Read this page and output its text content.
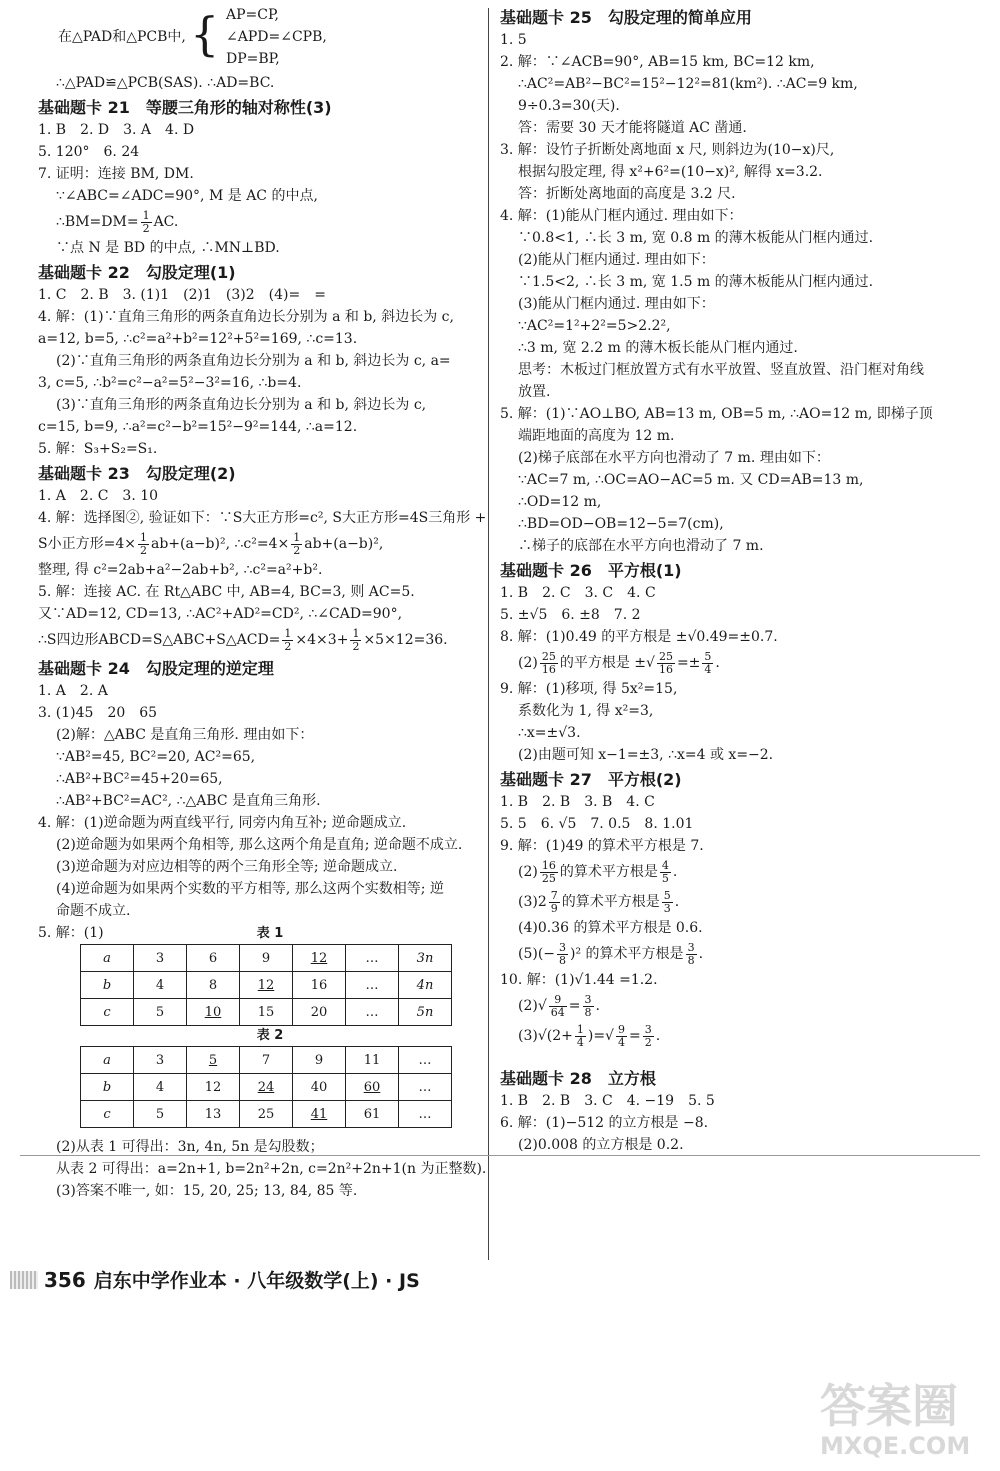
在△PAD和△PCB中, { AP=CP,
∠APD=∠CPB,
DP=BP,
∴△PAD≌△PCB(SAS). ∴AD=BC.
基础题卡 21　等腰三角形的轴对称性(3)
1. B　2. D　3. A　4. D
5. 120°　6. 24
7. 证明：连接 BM, DM.
∵∠ABC=∠ADC=90°, M 是 AC 的中点,
∴BM=DM= $\frac{1}{2}$ AC.
∵点 N 是 BD 的中点, ∴MN⊥BD.
基础题卡 22　勾股定理(1)
1. C　2. B　3. (1)1　(2)1　(3)2　(4)=　=
4. 解：(1)∵直角三角形的两条直角边长分别为 a 和 b, 斜边长为 c,
a=12, b=5, ∴c²=a²+b²=12²+5²=169, ∴c=13.
(2)∵直角三角形的两条直角边长分别为 a 和 b, 斜边长为 c, a=
3, c=5, ∴b²=c²−a²=5²−3²=16, ∴b=4.
(3)∵直角三角形的两条直角边长分别为 a 和 b, 斜边长为 c,
c=15, b=9, ∴a²=c²−b²=15²−9²=144, ∴a=12.
5. 解：S₃+S₂=S₁.
基础题卡 23　勾股定理(2)
1. A　2. C　3. 10
4. 解：选择图②, 验证如下：∵S大正方形=c², S大正方形=4S三角形 +
S小正方形$=4\times \frac{1}{2} ab+(a-b)^2$, ∴c²=4× $\frac{1}{2} ab+(a-b)^2$,
整理, 得 c²=2ab+a²−2ab+b², ∴c²=a²+b².
5. 解：连接 AC. 在 Rt△ABC 中, AB=4, BC=3, 则 AC=5.
又∵AD=12, CD=13, ∴AC²+AD²=CD², ∴∠CAD=90°,
∴S四边形ABCD=S△ABC+S△ACD= $\frac{1}{2} \times 4\times 3+ \frac{1}{2} \times 5\times 12=36$.
基础题卡 24　勾股定理的逆定理
1. A　2. A
3. (1)45　20　65
(2)解：△ABC 是直角三角形. 理由如下：
∵AB²=45, BC²=20, AC²=65,
∴AB²+BC²=45+20=65,
∴AB²+BC²=AC², ∴△ABC 是直角三角形.
4. 解：(1)逆命题为两直线平行, 同旁内角互补; 逆命题成立.
(2)逆命题为如果两个角相等, 那么这两个角是直角; 逆命题不成立.
(3)逆命题为对应边相等的两个三角形全等; 逆命题成立.
(4)逆命题为如果两个实数的平方相等, 那么这两个实数相等; 逆
命题不成立.
5. 解：(1)	表 1
a	3	6	9	12	…	3n
b	4	8	12	16	…	4n
c	5	10	15	20	…	5n
表 2
a	3	5	7	9	11	…
b	4	12	24	40	60	…
c	5	13	25	41	61	…
(2)从表 1 可得出：3n, 4n, 5n 是勾股数；
从表 2 可得出：a=2n+1, b=2n²+2n, c=2n²+2n+1(n 为正整数).
(3)答案不唯一, 如：15, 20, 25; 13, 84, 85 等.
基础题卡 25　勾股定理的简单应用
1. 5
2. 解：∵∠ACB=90°, AB=15 km, BC=12 km,
∴AC²=AB²−BC²=15²−12²=81(km²). ∴AC=9 km,
9÷0.3=30(天).
答：需要 30 天才能将隧道 AC 凿通.
3. 解：设竹子折断处离地面 x 尺, 则斜边为(10−x)尺,
根据勾股定理, 得 x²+6²=(10−x)², 解得 x=3.2.
答：折断处离地面的高度是 3.2 尺.
4. 解：(1)能从门框内通过. 理由如下：
∵0.8<1, ∴长 3 m, 宽 0.8 m 的薄木板能从门框内通过.
(2)能从门框内通过. 理由如下：
∵1.5<2, ∴长 3 m, 宽 1.5 m 的薄木板能从门框内通过.
(3)能从门框内通过. 理由如下：
∵AC²=1²+2²=5>2.2²,
∴3 m, 宽 2.2 m 的薄木板长能从门框内通过.
思考：木板过门框放置方式有水平放置、竖直放置、沿门框对角线
放置.
5. 解：(1)∵AO⊥BO, AB=13 m, OB=5 m, ∴AO=12 m, 即梯子顶
端距地面的高度为 12 m.
(2)梯子底部在水平方向也滑动了 7 m. 理由如下：
∵AC=7 m, ∴OC=AO−AC=5 m. 又 CD=AB=13 m,
∴OD=12 m,
∴BD=OD−OB=12−5=7(cm),
∴梯子的底部在水平方向也滑动了 7 m.
基础题卡 26　平方根(1)
1. B　2. C　3. C　4. C
5. ±√5　6. ±8　7. 2
8. 解：(1)0.49 的平方根是 ±√0.49=±0.7.
$(2) \frac{25}{16}$ 的平方根是 ±√ $\frac{25}{16} =\pm \frac{5}{4}$ .
9. 解：(1)移项, 得 5x²=15,
系数化为 1, 得 x²=3,
∴x=±√3.
(2)由题可知 x−1=±3, ∴x=4 或 x=−2.
基础题卡 27　平方根(2)
1. B　2. B　3. B　4. C
5. 5　6. √5　7. 0.5　8. 1.01
9. 解：(1)49 的算术平方根是 7.
$(2) \frac{16}{25}$ 的算术平方根是 $\frac{4}{5}$ .
$(3)2 \frac{7}{9}$ 的算术平方根是 $\frac{5}{3}$ .
(4)0.36 的算术平方根是 0.6.
$(5)(- \frac{3}{8} )^2$ 的算术平方根是 $\frac{3}{8}$ .
10. 解：(1)√1.44 =1.2.
$(2)√ \frac{9}{64} = \frac{3}{8}$ .
$(3)√(2+ \frac{1}{4}$ )=√ $\frac{9}{4} = \frac{3}{2}$ .
基础题卡 28　立方根
1. B　2. B　3. C　4. −19　5. 5
6. 解：(1)−512 的立方根是 −8.
(2)0.008 的立方根是 0.2.
356 启东中学作业本 · 八年级数学(上) · JS
答案圈
MXQE.COM
